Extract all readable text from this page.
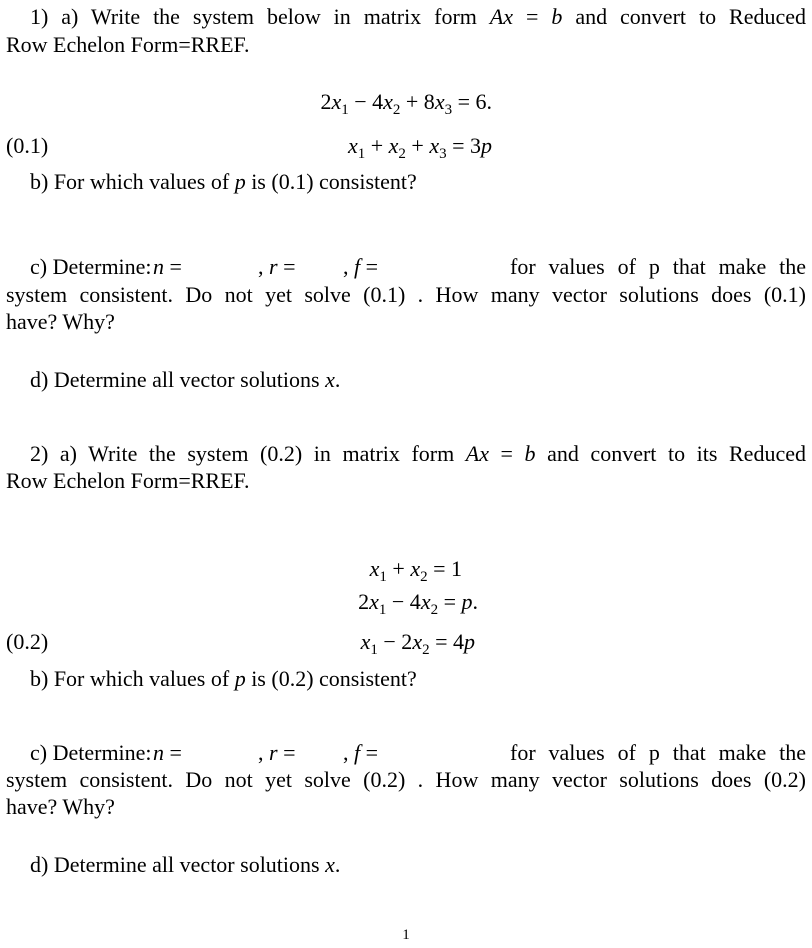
1) a) Write the system below in matrix form Ax = b and convert to Reduced
Row Echelon Form=RREF.
$2x_1 - 4x_2 + 8x_3 = 6$.
(0.1)	$x_1 + x_2 + x_3 = 3p$
b) For which values of p is (0.1) consistent?
c) Determine: n =	, r = , f =	for values of p that make the
system consistent. Do not yet solve (0.1) . How many vector solutions does (0.1)
have? Why?
d) Determine all vector solutions x.
2) a) Write the system (0.2) in matrix form Ax = b and convert to its Reduced
Row Echelon Form=RREF.
$x_1 + x_2 = 1$
$2x_1 - 4x_2 = p$.
(0.2)	$x_1 - 2x_2 = 4p$
b) For which values of p is (0.2) consistent?
c) Determine: n =	, r = , f =	for values of p that make the
system consistent. Do not yet solve (0.2) . How many vector solutions does (0.2)
have? Why?
d) Determine all vector solutions x.
1
